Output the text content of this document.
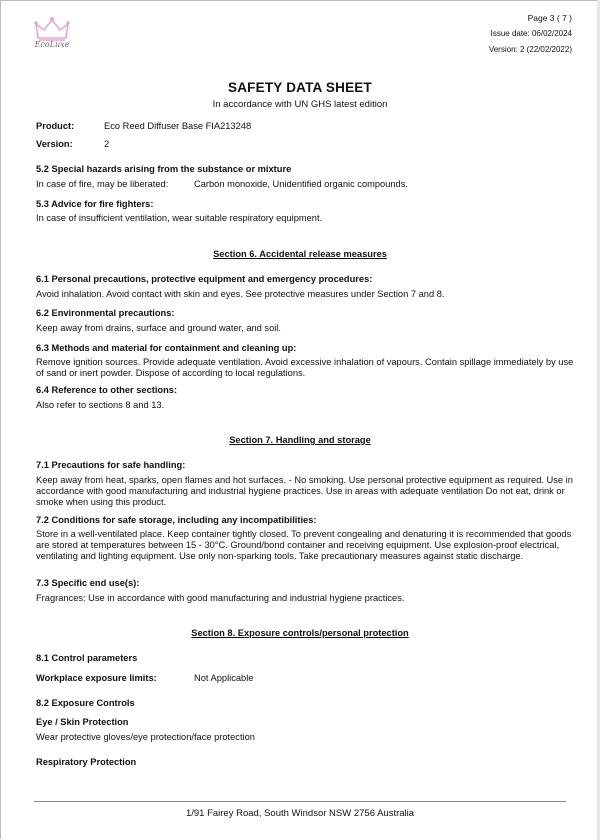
EcoLuxe
Page 3 ( 7 )
Issue date: 06/02/2024
Version: 2 (22/02/2022)
SAFETY DATA SHEET
In accordance with UN GHS latest edition
Product:	Eco Reed Diffuser Base FIA213248
Version:	2
5.2 Special hazards arising from the substance or mixture
In case of fire, may be liberated:	Carbon monoxide, Unidentified organic compounds.
5.3 Advice for fire fighters:
In case of insufficient ventilation, wear suitable respiratory equipment.
Section 6. Accidental release measures
6.1 Personal precautions, protective equipment and emergency procedures:
Avoid inhalation. Avoid contact with skin and eyes. See protective measures under Section 7 and 8.
6.2 Environmental precautions:
Keep away from drains, surface and ground water, and soil.
6.3 Methods and material for containment and cleaning up:
Remove ignition sources. Provide adequate ventilation. Avoid excessive inhalation of vapours. Contain spillage immediately by use of sand or inert powder. Dispose of according to local regulations.
6.4 Reference to other sections:
Also refer to sections 8 and 13.
Section 7. Handling and storage
7.1 Precautions for safe handling:
Keep away from heat, sparks, open flames and hot surfaces. - No smoking. Use personal protective equipment as required. Use in accordance with good manufacturing and industrial hygiene practices. Use in areas with adequate ventilation Do not eat, drink or smoke when using this product.
7.2 Conditions for safe storage, including any incompatibilities:
Store in a well-ventilated place. Keep container tightly closed. To prevent congealing and denaturing it is recommended that goods are stored at temperatures between 15 - 30°C. Ground/bond container and receiving equipment. Use explosion-proof electrical, ventilating and lighting equipment. Use only non-sparking tools. Take precautionary measures against static discharge.
7.3 Specific end use(s):
Fragrances: Use in accordance with good manufacturing and industrial hygiene practices.
Section 8. Exposure controls/personal protection
8.1 Control parameters
Workplace exposure limits:	Not Applicable
8.2 Exposure Controls
Eye / Skin Protection
Wear protective gloves/eye protection/face protection
Respiratory Protection
1/91 Fairey Road, South Windsor NSW 2756 Australia
